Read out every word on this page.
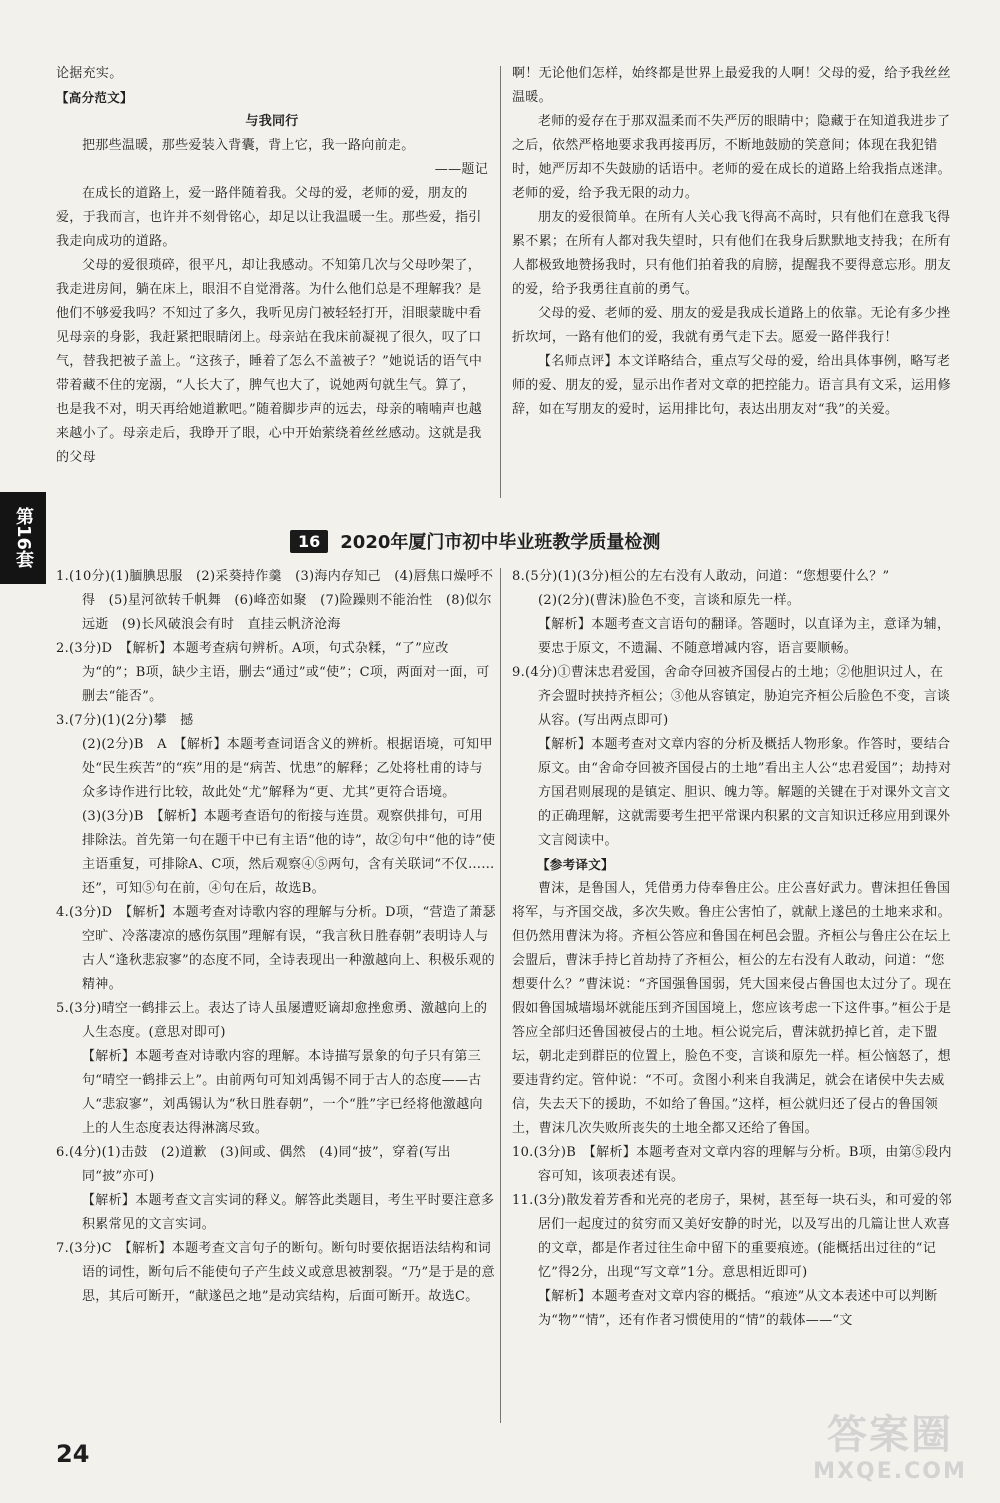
论据充实。

【高分范文】

与我同行

把那些温暖，那些爱装入背囊，背上它，我一路向前走。

——题记

在成长的道路上，爱一路伴随着我。父母的爱，老师的爱，朋友的爱，于我而言，也许并不刻骨铭心，却足以让我温暖一生。那些爱，指引我走向成功的道路。

父母的爱很琐碎，很平凡，却让我感动。不知第几次与父母吵架了，我走进房间，躺在床上，眼泪不自觉滑落。为什么他们总是不理解我？是他们不够爱我吗？不知过了多久，我听见房门被轻轻打开，泪眼蒙眬中看见母亲的身影，我赶紧把眼睛闭上。母亲站在我床前凝视了很久，叹了口气，替我把被子盖上。“这孩子，睡着了怎么不盖被子？”她说话的语气中带着藏不住的宠溺，“人长大了，脾气也大了，说她两句就生气。算了，也是我不对，明天再给她道歉吧。”随着脚步声的远去，母亲的喃喃声也越来越小了。母亲走后，我睁开了眼，心中开始萦绕着丝丝感动。这就是我的父母

啊！无论他们怎样，始终都是世界上最爱我的人啊！父母的爱，给予我丝丝温暖。

老师的爱存在于那双温柔而不失严厉的眼睛中；隐藏于在知道我进步了之后，依然严格地要求我再接再厉，不断地鼓励的笑意间；体现在我犯错时，她严厉却不失鼓励的话语中。老师的爱在成长的道路上给我指点迷津。老师的爱，给予我无限的动力。

朋友的爱很简单。在所有人关心我飞得高不高时，只有他们在意我飞得累不累；在所有人都对我失望时，只有他们在我身后默默地支持我；在所有人都极致地赞扬我时，只有他们拍着我的肩膀，提醒我不要得意忘形。朋友的爱，给予我勇往直前的勇气。

父母的爱、老师的爱、朋友的爱是我成长道路上的依靠。无论有多少挫折坎坷，一路有他们的爱，我就有勇气走下去。愿爱一路伴我行！

【名师点评】本文详略结合，重点写父母的爱，给出具体事例，略写老师的爱、朋友的爱，显示出作者对文章的把控能力。语言具有文采，运用修辞，如在写朋友的爱时，运用排比句，表达出朋友对“我”的关爱。

第16套	16	2020年厦门市初中毕业班教学质量检测

1.(10分)(1)腼腆思服　(2)采葵持作羹　(3)海内存知己　(4)唇焦口燥呼不得　(5)星河欲转千帆舞　(6)峰峦如聚　(7)险躁则不能治性　(8)似尔远逝　(9)长风破浪会有时　直挂云帆济沧海

2.(3分)D　【解析】本题考查病句辨析。A项，句式杂糅，“了”应改为“的”；B项，缺少主语，删去“通过”或“使”；C项，两面对一面，可删去“能否”。

3.(7分)(1)(2分)攀　撼

(2)(2分)B　A　【解析】本题考查词语含义的辨析。根据语境，可知甲处“民生疾苦”的“疾”用的是“病苦、忧患”的解释；乙处将杜甫的诗与众多诗作进行比较，故此处“尤”解释为“更、尤其”更符合语境。

(3)(3分)B　【解析】本题考查语句的衔接与连贯。观察供排句，可用排除法。首先第一句在题干中已有主语“他的诗”，故②句中“他的诗”使主语重复，可排除A、C项，然后观察④⑤两句，含有关联词“不仅……还”，可知⑤句在前，④句在后，故选B。

4.(3分)D　【解析】本题考查对诗歌内容的理解与分析。D项，“营造了萧瑟空旷、冷落凄凉的感伤氛围”理解有误，“我言秋日胜春朝”表明诗人与古人“逢秋悲寂寥”的态度不同，全诗表现出一种激越向上、积极乐观的精神。

5.(3分)晴空一鹤排云上。表达了诗人虽屡遭贬谪却愈挫愈勇、激越向上的人生态度。(意思对即可)

【解析】本题考查对诗歌内容的理解。本诗描写景象的句子只有第三句“晴空一鹤排云上”。由前两句可知刘禹锡不同于古人的态度——古人“悲寂寥”，刘禹锡认为“秋日胜春朝”，一个“胜”字已经将他激越向上的人生态度表达得淋漓尽致。

6.(4分)(1)击鼓　(2)道歉　(3)间或、偶然　(4)同“披”，穿着(写出同“披”亦可)

【解析】本题考查文言实词的释义。解答此类题目，考生平时要注意多积累常见的文言实词。

7.(3分)C　【解析】本题考查文言句子的断句。断句时要依据语法结构和词语的词性，断句后不能使句子产生歧义或意思被割裂。“乃”是于是的意思，其后可断开，“献遂邑之地”是动宾结构，后面可断开。故选C。

8.(5分)(1)(3分)桓公的左右没有人敢动，问道：“您想要什么？”

(2)(2分)(曹沫)脸色不变，言谈和原先一样。

【解析】本题考查文言语句的翻译。答题时，以直译为主，意译为辅，要忠于原文，不遗漏、不随意增减内容，语言要顺畅。

9.(4分)①曹沫忠君爱国，舍命夺回被齐国侵占的土地；②他胆识过人，在齐会盟时挟持齐桓公；③他从容镇定，胁迫完齐桓公后脸色不变，言谈从容。(写出两点即可)

【解析】本题考查对文章内容的分析及概括人物形象。作答时，要结合原文。由“舍命夺回被齐国侵占的土地”看出主人公“忠君爱国”；劫持对方国君则展现的是镇定、胆识、魄力等。解题的关键在于对课外文言文的正确理解，这就需要考生把平常课内积累的文言知识迁移应用到课外文言阅读中。

【参考译文】

曹沫，是鲁国人，凭借勇力侍奉鲁庄公。庄公喜好武力。曹沫担任鲁国将军，与齐国交战，多次失败。鲁庄公害怕了，就献上遂邑的土地来求和。但仍然用曹沫为将。齐桓公答应和鲁国在柯邑会盟。齐桓公与鲁庄公在坛上会盟后，曹沫手持匕首劫持了齐桓公，桓公的左右没有人敢动，问道：“您想要什么？”曹沫说：“齐国强鲁国弱，凭大国来侵占鲁国也太过分了。现在假如鲁国城墙塌坏就能压到齐国国境上，您应该考虑一下这件事。”桓公于是答应全部归还鲁国被侵占的土地。桓公说完后，曹沫就扔掉匕首，走下盟坛，朝北走到群臣的位置上，脸色不变，言谈和原先一样。桓公恼怒了，想要违背约定。管仲说：“不可。贪图小利来自我满足，就会在诸侯中失去威信，失去天下的援助，不如给了鲁国。”这样，桓公就归还了侵占的鲁国领土，曹沫几次失败所丧失的土地全都又还给了鲁国。

10.(3分)B　【解析】本题考查对文章内容的理解与分析。B项，由第⑤段内容可知，该项表述有误。

11.(3分)散发着芳香和光亮的老房子，果树，甚至每一块石头，和可爱的邻居们一起度过的贫穷而又美好安静的时光，以及写出的几篇让世人欢喜的文章，都是作者过往生命中留下的重要痕迹。(能概括出过往的“记忆”得2分，出现“写文章”1分。意思相近即可)

【解析】本题考查对文章内容的概括。“痕迹”从文本表述中可以判断为“物”“情”，还有作者习惯使用的“情”的载体——“文

24	答案圈
MXQE.COM
